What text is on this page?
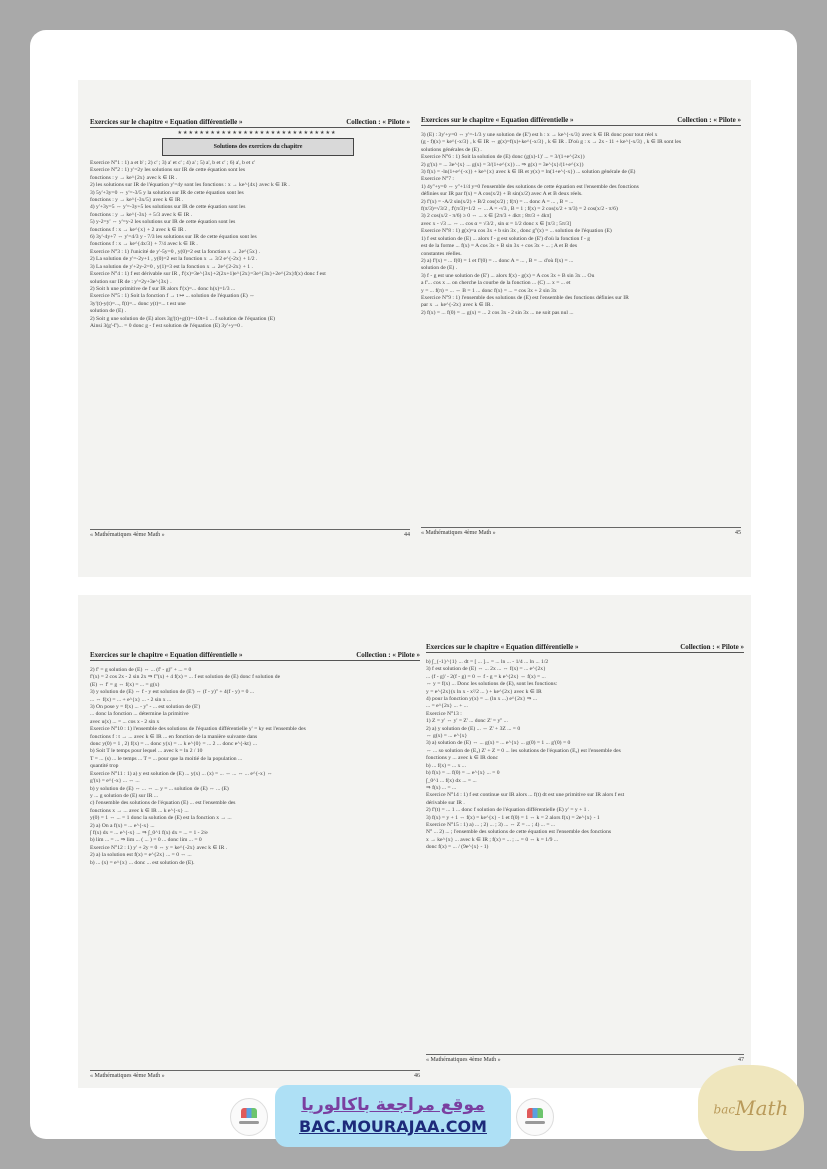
Exercices sur le chapitre « Equation différentielle »	Collection : « Pilote »
★★★★★★★★★★★★★★★★★★★★★★★★★★★★★
Solutions des exercices du chapitre
Exercice N°1 : 1) a et b' ; 2) c' ; 3) a' et c' ; 4) a' ; 5) a', b et c' ; 6) a', b et c'
Exercice N°2 : 1) y'=2y les solutions sur IR de cette équation sont les
fonctions : y → ke^{2x} avec k ∈ IR .
2) les solutions sur IR de l'équation y'=4y sont les fonctions : x → ke^{4x} avec k ∈ IR .
3) 5y'+3y=0 ⇔ y'=-3/5 y la solution sur IR de cette équation sont les
fonctions : y → ke^{-3x/5} avec k ∈ IR .
4) y'+3y=5 ⇔ y'=-3y+5 les solutions sur IR de cette équation sont les
fonctions : y → ke^{-3x} + 5/3 avec k ∈ IR .
5) y-2=y' ⇔ y'=y-2 les solutions sur IR de cette équation sont les
fonctions f : x → ke^{x} + 2 avec k ∈ IR .
6) 3y'-4y+7 ⇔ y'=4/3 y - 7/3 les solutions sur IR de cette équation sont les
fonctions f : x → ke^{4x/3} + 7/4 avec k ∈ IR .
Exercice N°3 : 1) l'unicité de y'-5y=0 , y(0)=2 est la fonction x → 2e^{5x} .
2) La solution de y'=-2y+1 , y(0)=2 est la fonction x → 3/2 e^{-2x} + 1/2 .
3) La solution de y'+2y-2=0 , y(1)=3 est la fonction x → 2e^{2-2x} + 1 .
Exercice N°4 : 1) f est dérivable sur IR , f'(x)=3e^{3x}+2(2x+1)e^{2x}=3e^{3x}+2e^{2x}f(x) donc f est
solution sur IR de : y'=2y+3e^{3x} .
2) Soit h une primitive de f sur IR alors f'(x)=... donc h(x)=1/3 ...
Exercice N°5 : 1) Soit la fonction f → t ↦ ... solution de l'équation (E) ⇔
3y'(t)-y(t)=..., f(t)=... donc y(t)=... t est une
solution de (E) .
2) Soit g une solution de (E) alors 3g'(t)+g(t)=-10t+1 ... f solution de l'équation (E)
Ainsi 3(g'-f')... = 0 donc g - f est solution de l'équation (E) 3y'+y=0 .
« Mathématiques 4ème Math »	44
Exercices sur le chapitre « Equation différentielle »	Collection : « Pilote »
3) (E) : 3y'+y=0 ⇔ y'=-1/3 y une solution de (E') est h : x → ke^{-x/3} avec k ∈ IR donc pour tout réel x
(g - f)(x) = ke^{-x/3} , k ∈ IR ⇔ g(x)=f(x)+ke^{-x/3} , k ∈ IR . D'où g : x → 2x - 11 + ke^{-x/3} , k ∈ IR sont les
solutions générales de (E) .
Exercice N°6 : 1) Soit la solution de (E) donc (g(x)-1)' ... = 3/(1+e^{2x})
2) g'(x) = ... 3e^{x} ... g(x) = 3/(1+e^{x}) ... ⇒ g(x) = 3e^{x}/(1+e^{x})
3) f(x) = -ln(1+e^{-x}) + ke^{x} avec k ∈ IR et y(x) = ln(1+e^{-x}) ... solution générale de (E)
Exercice N°7 :
1) 4y''+y=0 ⇔ y''+1/4 y=0 l'ensemble des solutions de cette équation est l'ensemble des fonctions
définies sur IR par f(x) = A cos(x/2) + B sin(x/2) avec A et B deux réels.
2) f'(x) = -A/2 sin(x/2) + B/2 cos(x/2) ; f(π) = ... donc A = ... , B = ...
f(π/3)=√3/2 , f'(π/3)=1/2 ⇔ ... A = -√3 , B = 1 ; f(x) = 2 cos(x/2 + π/3) = 2 cos(x/2 - π/6)
3) 2 cos(x/2 - π/6) ≥ 0 ⇔ ... x ∈ [2π/3 + 4kπ ; 8π/3 + 4kπ]
avec x - √3 ... ⇔ ... cos α = √3/2 , sin α = 1/2 donc x ∈ [π/3 ; 5π/3]
Exercice N°8 : 1) g(x)=a cos 3x + b sin 3x , donc g''(x) = ... solution de l'équation (E)
1) f est solution de (E) ... alors f - g est solution de (E') d'où la fonction f - g
est de la forme ... f(x) = A cos 3x + B sin 3x + cos 3x + ... ; A et B des
constantes réelles.
2) a) f'(x) = ... f(0) = 1 et f'(0) = ... donc A = ... , B = ... d'où f(x) = ...
solution de (E) .
3) f - g est une solution de (E') ... alors f(x) - g(x) = A cos 3x + B sin 3x ... Ou
a f'... cos x ... on cherche la courbe de la fonction ... (C) ... x = ... et
y = ... f(π) = ... ⇔ B = 1 ... donc f(x) = ... = cos 3x + 2 sin 3x
Exercice N°9 : 1) l'ensemble des solutions de (E) est l'ensemble des fonctions définies sur IR
par x → ke^{-2x} avec k ∈ IR .
2) f(x) = ... f(0) = ... g(x) = ... 2 cos 3x - 2 sin 3x ... ne soit pas nul ...
« Mathématiques 4ème Math »	45
Exercices sur le chapitre « Equation différentielle »	Collection : « Pilote »
2) f' = g solution de (E) ⇔ ... (f' - g)'' + ... = 0
f'(x) = 2 cos 2x - 2 sin 2x ⇒ f''(x) + 4 f(x) = ... f est solution de (E) donc f solution de
(E) ⇔ f' = g ⇔ f(x) = ... = g(x)
3) y solution de (E) ⇔ f - y est solution de (E') ⇔ (f - y)'' + 4(f - y) = 0 ...
... ⇔ f(x) = ... + e^{x} ... - 2 sin x ...
3) On pose y = f(x) ... - y'' - ... est solution de (E')
... donc la fonction ... détermine la primitive
avec u(x) ... = ... cos x - 2 sin x
Exercice N°10 : 1) l'ensemble des solutions de l'équation différentielle y' = ky est l'ensemble des
fonctions f : t → ... avec k ∈ IR ... en fonction de la manière suivante dans
donc y(0) = 1 , 2) f(x) = ... donc y(x) = ... k e^{0} = ... 2 ... donc e^{-kt} ...
b) Soit T le temps pour lequel ... avec k = ln 2 / 10
T = ... (s) ... le temps ... T = ... pour que la moitié de la population ...
quantité trop
Exercice N°11 : 1) a) y est solution de (E) ... y(x) ... (x) = ... ⇔ ... ⇔ ... e^{-x} ⇔
g'(x) = e^{-x} ... ⇔ ...
b) y solution de (E) ⇔ ... ⇔ ... y = ... solution de (E) ⇔ ... (E)
y ... g solution de (E) sur IR ...
c) l'ensemble des solutions de l'équation (E) ... est l'ensemble des
fonctions x → ... avec k ∈ IR ... k e^{-x} ...
y(0) = 1 ⇔ ... = 1 donc la solution de (E) est la fonction x → ...
2) a) On a f(x) = ... e^{-x} ...
∫ f(x) dx = ... e^{-x} ... ⇒ ∫_0^1 f(x) dx = ... = 1 - 2/e
b) lim ... = ... ⇒ lim ... ( ... ) = 0 ... donc lim ... = 0
Exercice N°12 : 1) y' + 2y = 0 ⇔ y = ke^{-2x} avec k ∈ IR .
2) a) la solution est f(x) = e^{2x} ... = 0 ⇔ ...
b) ... (x) = e^{x} ... donc ... est solution de (E).
« Mathématiques 4ème Math »	46
Exercices sur le chapitre « Equation différentielle »	Collection : « Pilote »
b) ∫_{-1}^{1} ... dt = [ ... ]... = ... ln ... - 1/4 ... ln ... 1/2
3) f est solution de (E) ⇔ ... 2x ... ⇔ f(x) = ... e^{2x}
... (f - g)' - 2(f - g) = 0 ⇔ f - g = k e^{2x} ⇔ f(x) = ...
⇔ y = f(x) ... Donc les solutions de (E), sont les fonctions:
y = e^{2x}(x ln x - x²/2 ... ) + ke^{2x} avec k ∈ IR
4) pour la fonction y(x) = ... (ln x ...) e^{2x} ⇒ ...
... = e^{2x} ... + ...
Exercice N°13 :
1) Z = y' ⇔ y' = Z' ... donc Z' = y'' ...
2) a) y solution de (E) ... ⇔ Z' + 3Z ... = 0
⇔ g(x) = ... e^{x}
3) a) solution de (E) ⇔ ... g(x) = ... e^{x} ... g(0) = 1 ... g'(0) = 0
⇔ ... so solution de (E₂) Z' + Z = 0 ... les solutions de l'équation (E₂) est l'ensemble des
fonctions y ... avec k ∈ IR donc
b) ... f(x) = ... x ...
b) f(x) = ... f(0) = ... e^{x} ... = 0
∫_0^1 ... f(x) dx ... = ...
⇒ f(x) ... = ...
Exercice N°14 : 1) f est continue sur IR alors ... f(t) dt est une primitive sur IR alors f est
dérivable sur IR .
2) f'(t) = ... 1 ... donc f solution de l'équation différentielle (E) y' = y + 1 .
3) f(x) = y + 1 ⇔ f(x) = ke^{x} - 1 et f(0) = 1 ⇔ k = 2 alors f(x) = 2e^{x} - 1
Exercice N°15 : 1) a) ... ; 2) ... ; 3) ... ⇔ Z = ... ; 4) ... = ...
N° ... 2) ... ; l'ensemble des solutions de cette équation est l'ensemble des fonctions
x → ke^{x} ... avec k ∈ IR ; f(x) = ... ; ... = 0 ⇔ k = 1/9 ...
donc f(x) = ... / (9e^{x} - 1)
« Mathématiques 4ème Math »	47
موقع مراجعة باكالوريا
BAC.MOURAJAA.COM
bacMath
